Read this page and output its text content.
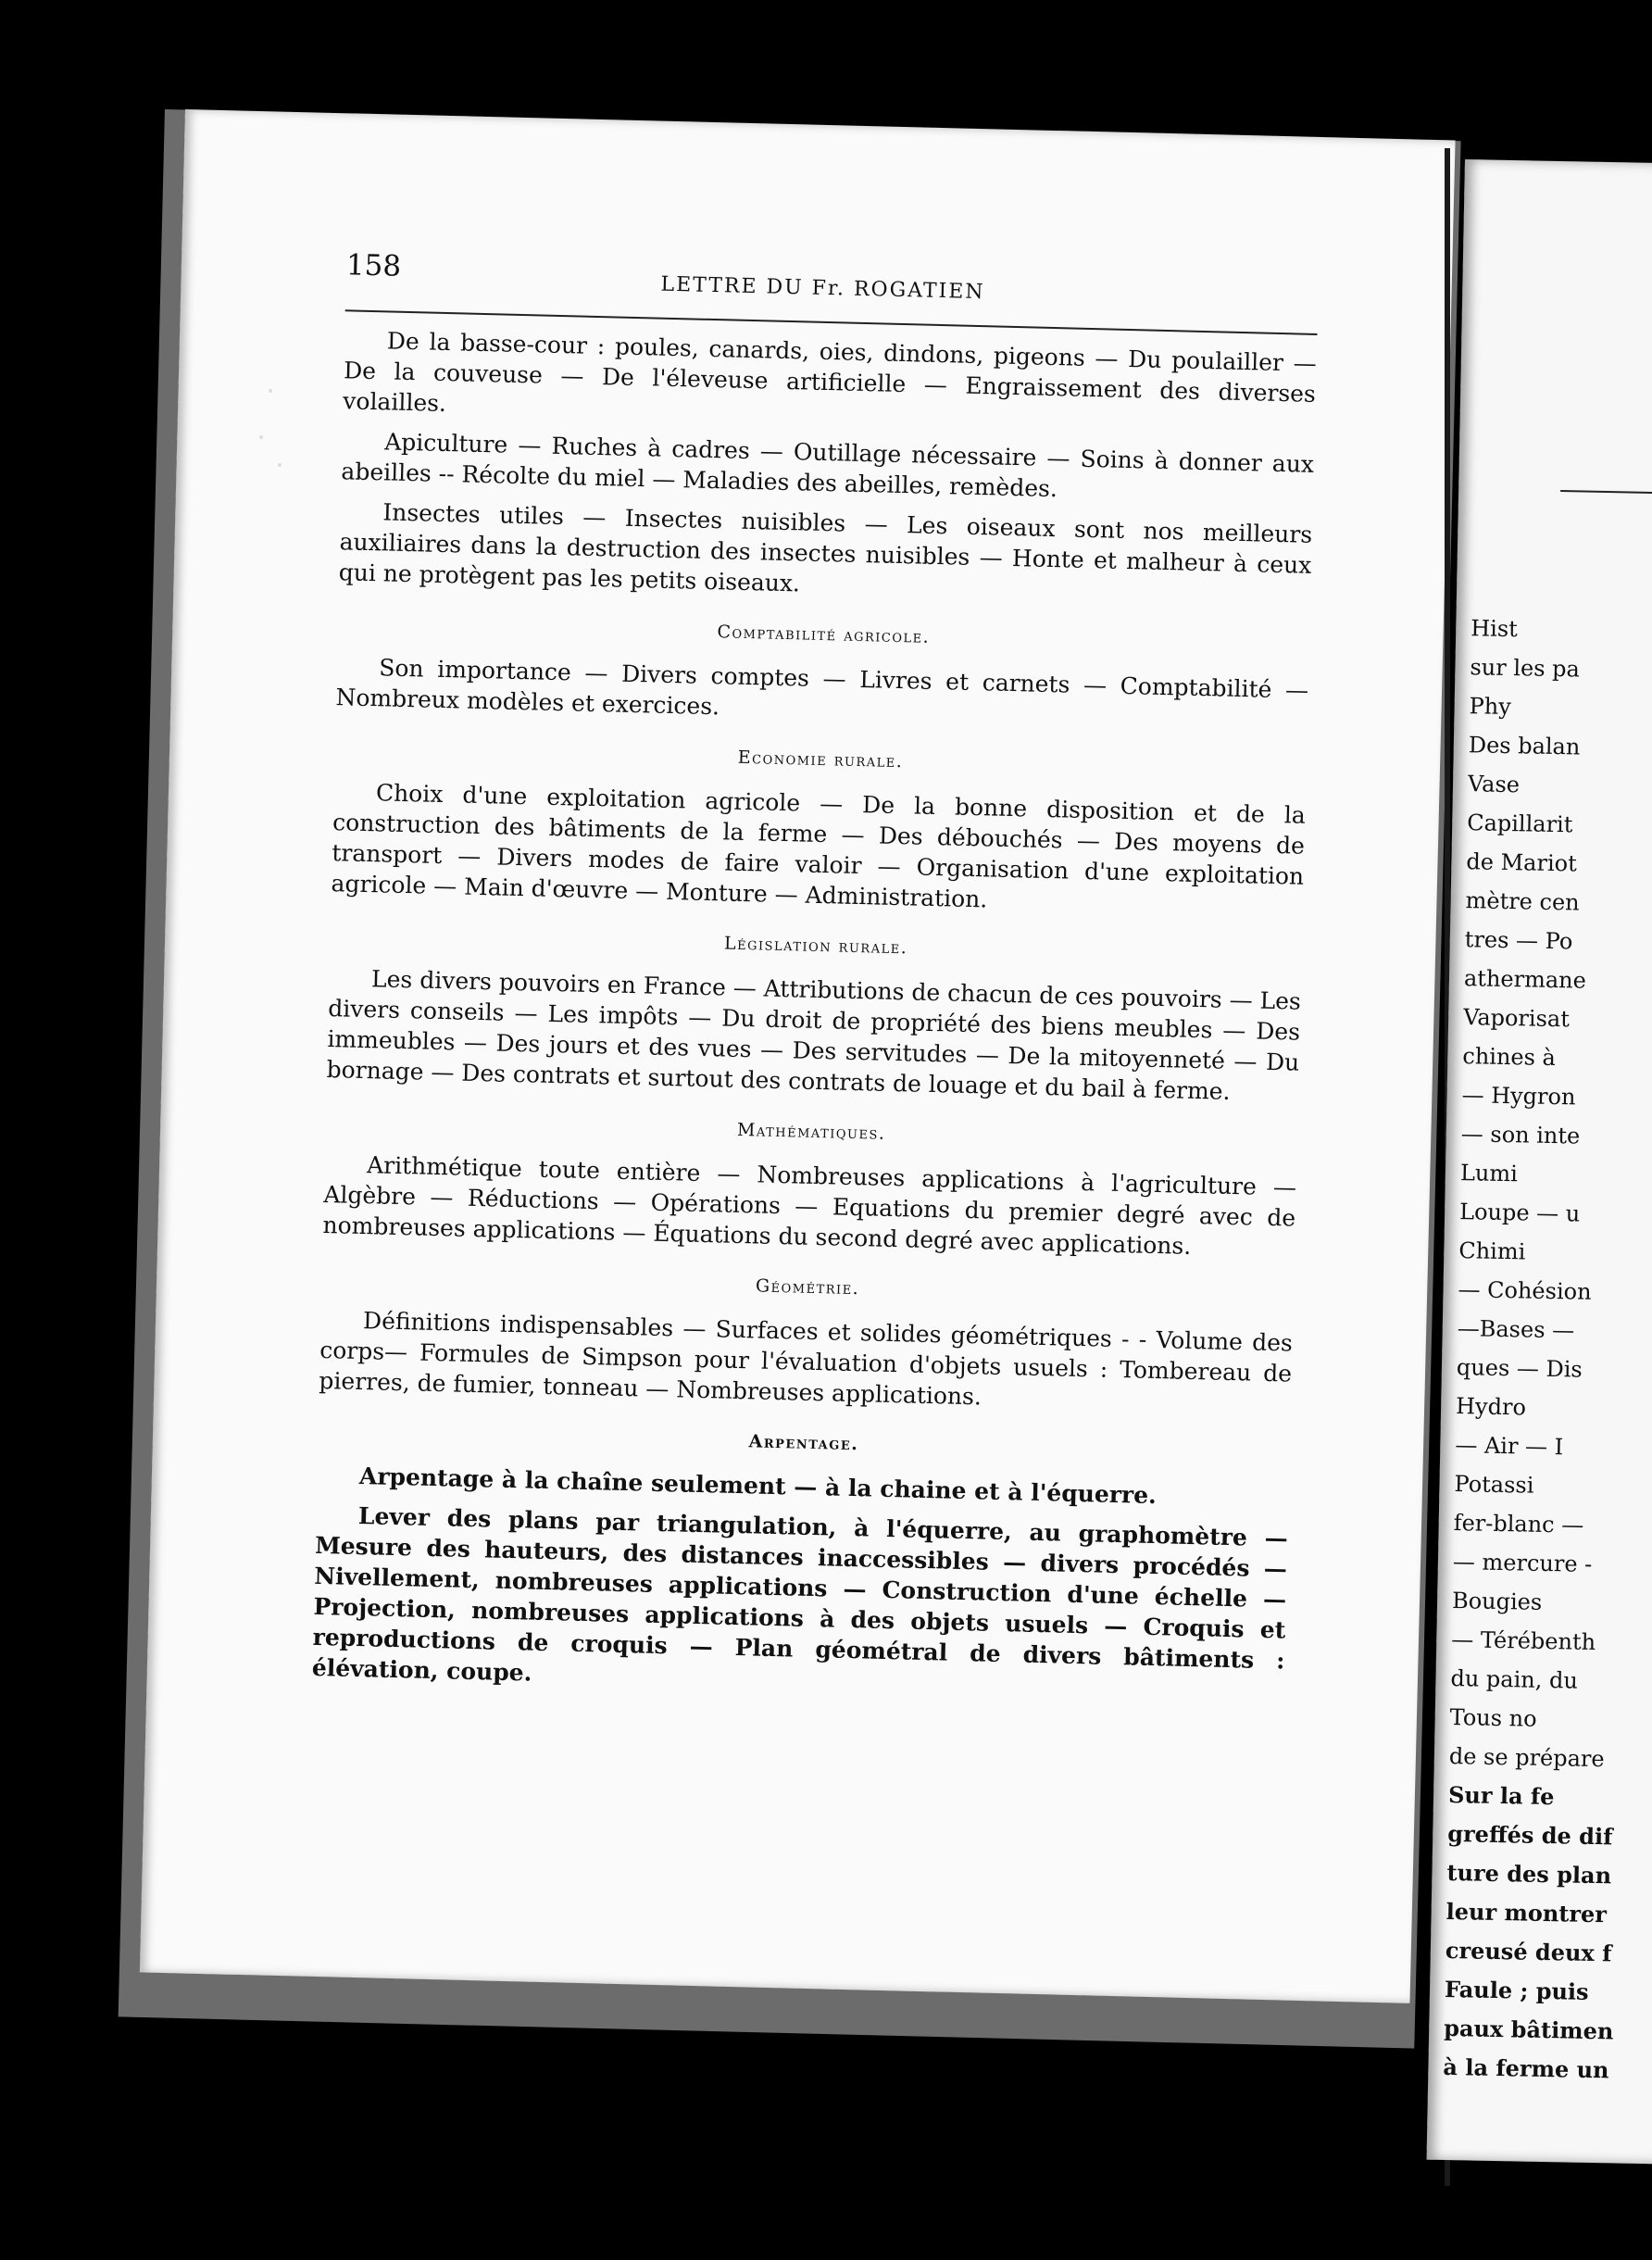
158
LETTRE DU Fr. ROGATIEN

De la basse-cour : poules, canards, oies, dindons, pigeons — Du poulailler — De la couveuse — De l'éleveuse artificielle — Engraissement des diverses volailles.

Apiculture — Ruches à cadres — Outillage nécessaire — Soins à donner aux abeilles -- Récolte du miel — Maladies des abeilles, remèdes.

Insectes utiles — Insectes nuisibles — Les oiseaux sont nos meilleurs auxiliaires dans la destruction des insectes nuisibles — Honte et malheur à ceux qui ne protègent pas les petits oiseaux.

Comptabilité agricole.

Son importance — Divers comptes — Livres et carnets — Comptabilité — Nombreux modèles et exercices.

Economie rurale.

Choix d'une exploitation agricole — De la bonne disposition et de la construction des bâtiments de la ferme — Des débouchés — Des moyens de transport — Divers modes de faire valoir — Organisation d'une exploitation agricole — Main d'œuvre — Monture — Administration.

Législation rurale.

Les divers pouvoirs en France — Attributions de chacun de ces pouvoirs — Les divers conseils — Les impôts — Du droit de propriété des biens meubles — Des immeubles — Des jours et des vues — Des servitudes — De la mitoyenneté — Du bornage — Des contrats et surtout des contrats de louage et du bail à ferme.

Mathématiques.

Arithmétique toute entière — Nombreuses applications à l'agriculture — Algèbre — Réductions — Opérations — Equations du premier degré avec de nombreuses applications — Équations du second degré avec applications.

Géométrie.

Définitions indispensables — Surfaces et solides géométriques - - Volume des corps— Formules de Simpson pour l'évaluation d'objets usuels : Tombereau de pierres, de fumier, tonneau — Nombreuses applications.

Arpentage.

Arpentage à la chaîne seulement — à la chaine et à l'équerre.

Lever des plans par triangulation, à l'équerre, au graphomètre — Mesure des hauteurs, des distances inaccessibles — divers procédés — Nivellement, nombreuses applications — Construction d'une échelle — Projection, nombreuses applications à des objets usuels — Croquis et reproductions de croquis — Plan géométral de divers bâtiments : élévation, coupe.

Hist
sur les pa
Phy
Des balan
Vase
Capillarit
de Mariot
mètre cen
tres — Po
athermane
Vaporisat
chines à
— Hygron
— son inte
Lumi
Loupe — u
Chimi
— Cohésion
—Bases —
ques — Dis
Hydro
— Air — I
Potassi
fer-blanc —
— mercure -
Bougies
— Térébenth
du pain, du
Tous no
de se prépare
Sur la fe
greffés de dif
ture des plan
leur montrer
creusé deux f
Faule ; puis
paux bâtimen
à la ferme un
